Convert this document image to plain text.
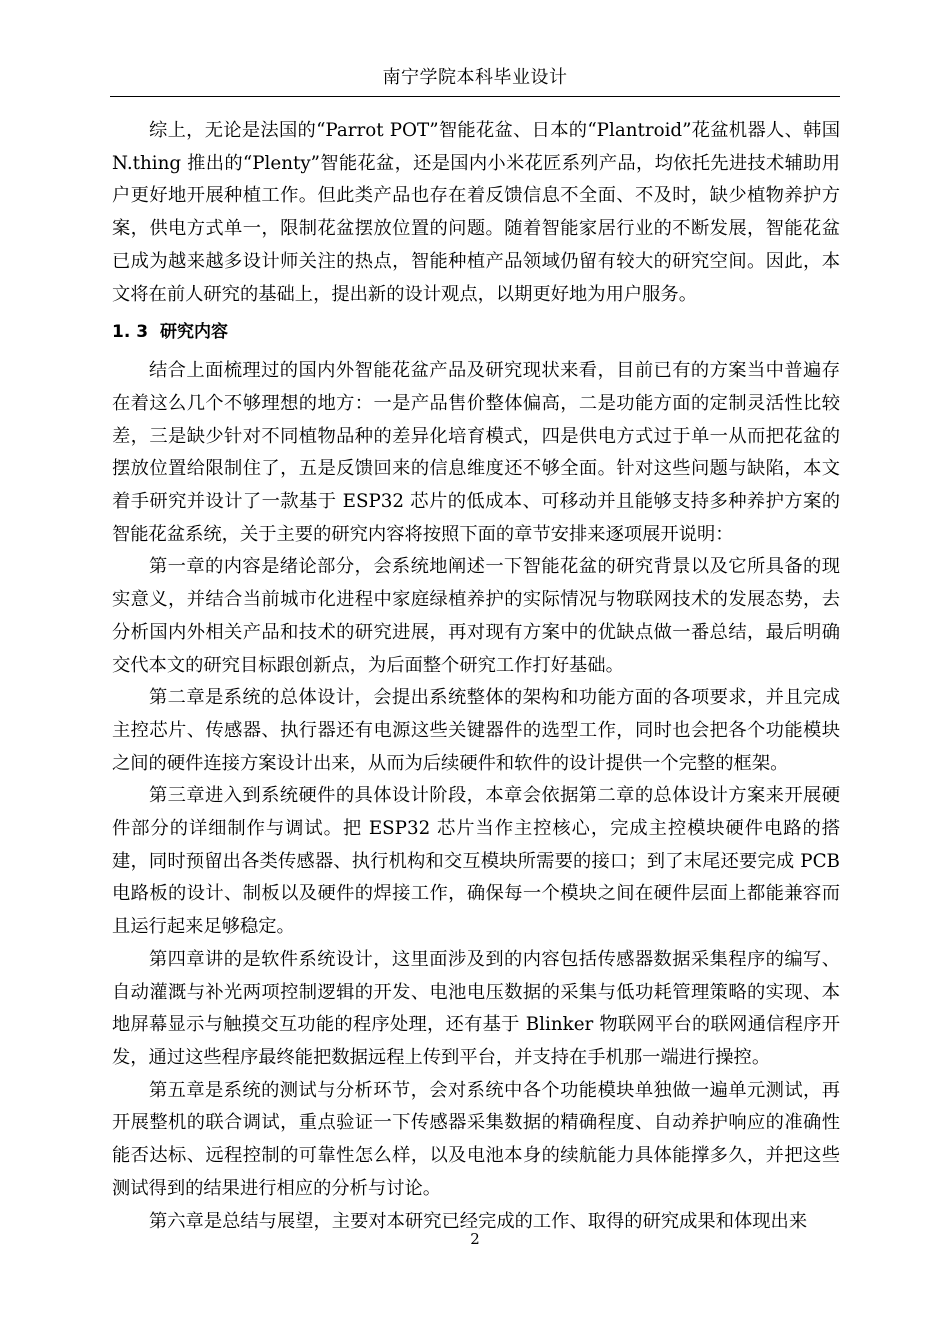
南宁学院本科毕业设计

综上，无论是法国的“Parrot POT”智能花盆、日本的“Plantroid”花盆机器人、韩国N.thing 推出的“Plenty”智能花盆，还是国内小米花匠系列产品，均依托先进技术辅助用户更好地开展种植工作。但此类产品也存在着反馈信息不全面、不及时，缺少植物养护方案，供电方式单一，限制花盆摆放位置的问题。随着智能家居行业的不断发展，智能花盆已成为越来越多设计师关注的热点，智能种植产品领域仍留有较大的研究空间。因此，本文将在前人研究的基础上，提出新的设计观点，以期更好地为用户服务。

1. 3 研究内容

结合上面梳理过的国内外智能花盆产品及研究现状来看，目前已有的方案当中普遍存在着这么几个不够理想的地方：一是产品售价整体偏高，二是功能方面的定制灵活性比较差，三是缺少针对不同植物品种的差异化培育模式，四是供电方式过于单一从而把花盆的摆放位置给限制住了，五是反馈回来的信息维度还不够全面。针对这些问题与缺陷，本文着手研究并设计了一款基于 ESP32 芯片的低成本、可移动并且能够支持多种养护方案的智能花盆系统，关于主要的研究内容将按照下面的章节安排来逐项展开说明：

第一章的内容是绪论部分，会系统地阐述一下智能花盆的研究背景以及它所具备的现实意义，并结合当前城市化进程中家庭绿植养护的实际情况与物联网技术的发展态势，去分析国内外相关产品和技术的研究进展，再对现有方案中的优缺点做一番总结，最后明确交代本文的研究目标跟创新点，为后面整个研究工作打好基础。

第二章是系统的总体设计，会提出系统整体的架构和功能方面的各项要求，并且完成主控芯片、传感器、执行器还有电源这些关键器件的选型工作，同时也会把各个功能模块之间的硬件连接方案设计出来，从而为后续硬件和软件的设计提供一个完整的框架。

第三章进入到系统硬件的具体设计阶段，本章会依据第二章的总体设计方案来开展硬件部分的详细制作与调试。把 ESP32 芯片当作主控核心，完成主控模块硬件电路的搭建，同时预留出各类传感器、执行机构和交互模块所需要的接口；到了末尾还要完成 PCB 电路板的设计、制板以及硬件的焊接工作，确保每一个模块之间在硬件层面上都能兼容而且运行起来足够稳定。

第四章讲的是软件系统设计，这里面涉及到的内容包括传感器数据采集程序的编写、自动灌溉与补光两项控制逻辑的开发、电池电压数据的采集与低功耗管理策略的实现、本地屏幕显示与触摸交互功能的程序处理，还有基于 Blinker 物联网平台的联网通信程序开发，通过这些程序最终能把数据远程上传到平台，并支持在手机那一端进行操控。

第五章是系统的测试与分析环节，会对系统中各个功能模块单独做一遍单元测试，再开展整机的联合调试，重点验证一下传感器采集数据的精确程度、自动养护响应的准确性能否达标、远程控制的可靠性怎么样，以及电池本身的续航能力具体能撑多久，并把这些测试得到的结果进行相应的分析与讨论。

第六章是总结与展望，主要对本研究已经完成的工作、取得的研究成果和体现出来

2
